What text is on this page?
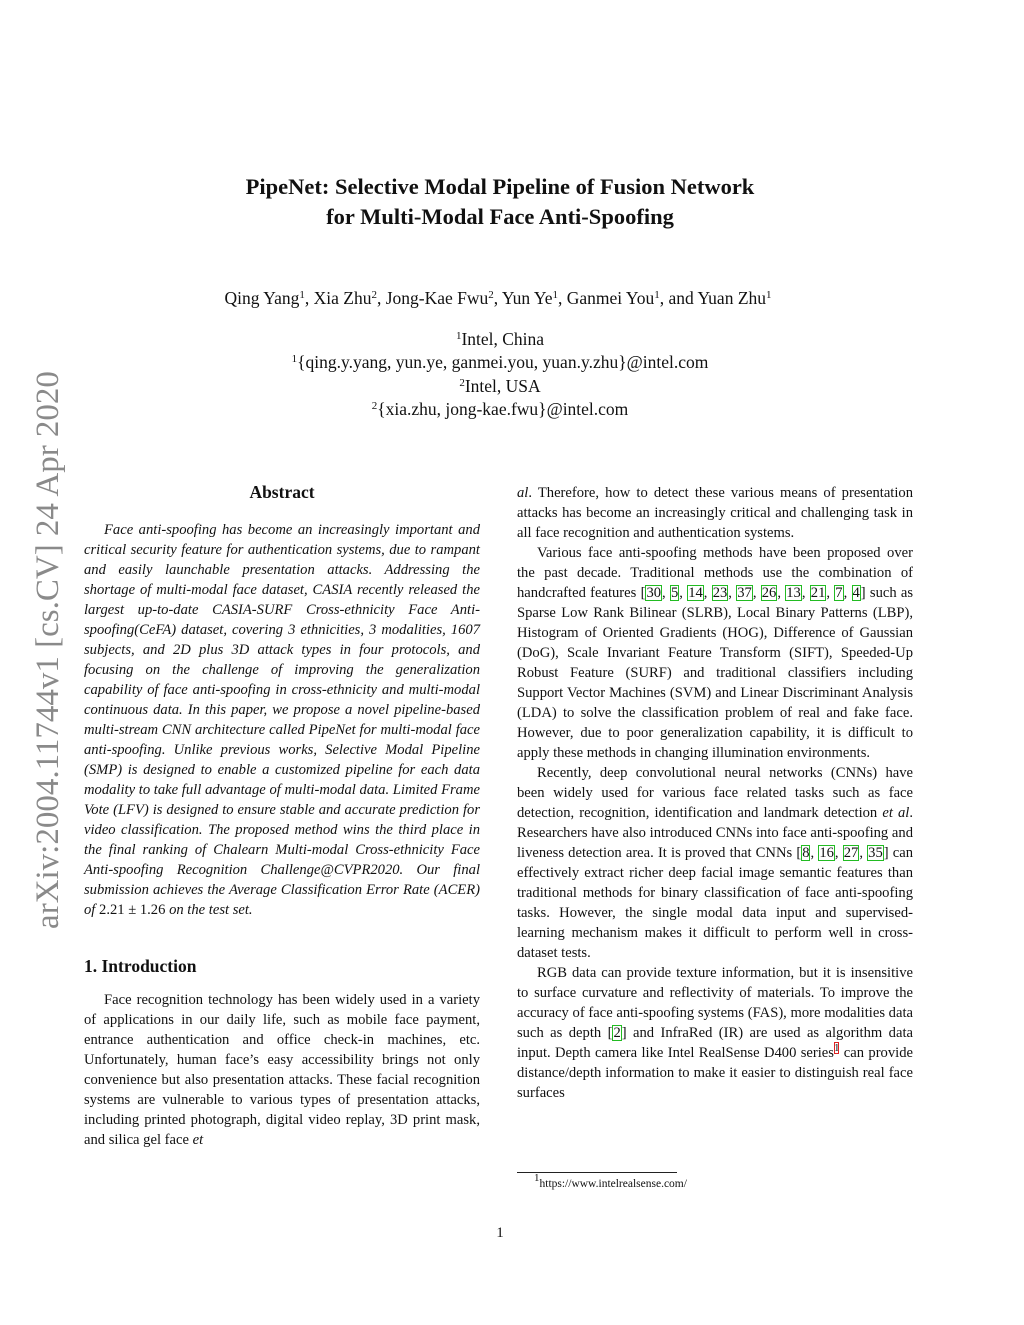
arXiv:2004.11744v1 [cs.CV] 24 Apr 2020
PipeNet: Selective Modal Pipeline of Fusion Network
for Multi-Modal Face Anti-Spoofing
Qing Yang$^1$, Xia Zhu$^2$, Jong-Kae Fwu$^2$, Yun Ye$^1$, Ganmei You$^1$, and Yuan Zhu$^1$
$^1$Intel, China
$^1${qing.y.yang, yun.ye, ganmei.you, yuan.y.zhu}@intel.com
$^2$Intel, USA
$^2${xia.zhu, jong-kae.fwu}@intel.com
Abstract

Face anti-spoofing has become an increasingly important and critical security feature for authentication systems, due to rampant and easily launchable presentation attacks. Addressing the shortage of multi-modal face dataset, CASIA recently released the largest up-to-date CASIA-SURF Cross-ethnicity Face Anti-spoofing(CeFA) dataset, covering 3 ethnicities, 3 modalities, 1607 subjects, and 2D plus 3D attack types in four protocols, and focusing on the challenge of improving the generalization capability of face anti-spoofing in cross-ethnicity and multi-modal continuous data. In this paper, we propose a novel pipeline-based multi-stream CNN architecture called PipeNet for multi-modal face anti-spoofing. Unlike previous works, Selective Modal Pipeline (SMP) is designed to enable a customized pipeline for each data modality to take full advantage of multi-modal data. Limited Frame Vote (LFV) is designed to ensure stable and accurate prediction for video classification. The proposed method wins the third place in the final ranking of Chalearn Multi-modal Cross-ethnicity Face Anti-spoofing Recognition Challenge@CVPR2020. Our final submission achieves the Average Classification Error Rate (ACER) of 2.21 ± 1.26 on the test set.

1. Introduction

Face recognition technology has been widely used in a variety of applications in our daily life, such as mobile face payment, entrance authentication and office check-in machines, etc. Unfortunately, human face’s easy accessibility brings not only convenience but also presentation attacks. These facial recognition systems are vulnerable to various types of presentation attacks, including printed photograph, digital video replay, 3D print mask, and silica gel face et

al. Therefore, how to detect these various means of presentation attacks has become an increasingly critical and challenging task in all face recognition and authentication systems.

Various face anti-spoofing methods have been proposed over the past decade. Traditional methods use the combination of handcrafted features [30, 5, 14, 23, 37, 26, 13, 21, 7, 4] such as Sparse Low Rank Bilinear (SLRB), Local Binary Patterns (LBP), Histogram of Oriented Gradients (HOG), Difference of Gaussian (DoG), Scale Invariant Feature Transform (SIFT), Speeded-Up Robust Feature (SURF) and traditional classifiers including Support Vector Machines (SVM) and Linear Discriminant Analysis (LDA) to solve the classification problem of real and fake face. However, due to poor generalization capability, it is difficult to apply these methods in changing illumination environments.

Recently, deep convolutional neural networks (CNNs) have been widely used for various face related tasks such as face detection, recognition, identification and landmark detection et al. Researchers have also introduced CNNs into face anti-spoofing and liveness detection area. It is proved that CNNs [8, 16, 27, 35] can effectively extract richer deep facial image semantic features than traditional methods for binary classification of face anti-spoofing tasks. However, the single modal data input and supervised-learning mechanism makes it difficult to perform well in cross-dataset tests.

RGB data can provide texture information, but it is insensitive to surface curvature and reflectivity of materials. To improve the accuracy of face anti-spoofing systems (FAS), more modalities data such as depth [2] and InfraRed (IR) are used as algorithm data input. Depth camera like Intel RealSense D400 series$^1$ can provide distance/depth information to make it easier to distinguish real face surfaces

$^1$https://www.intelrealsense.com/
1
